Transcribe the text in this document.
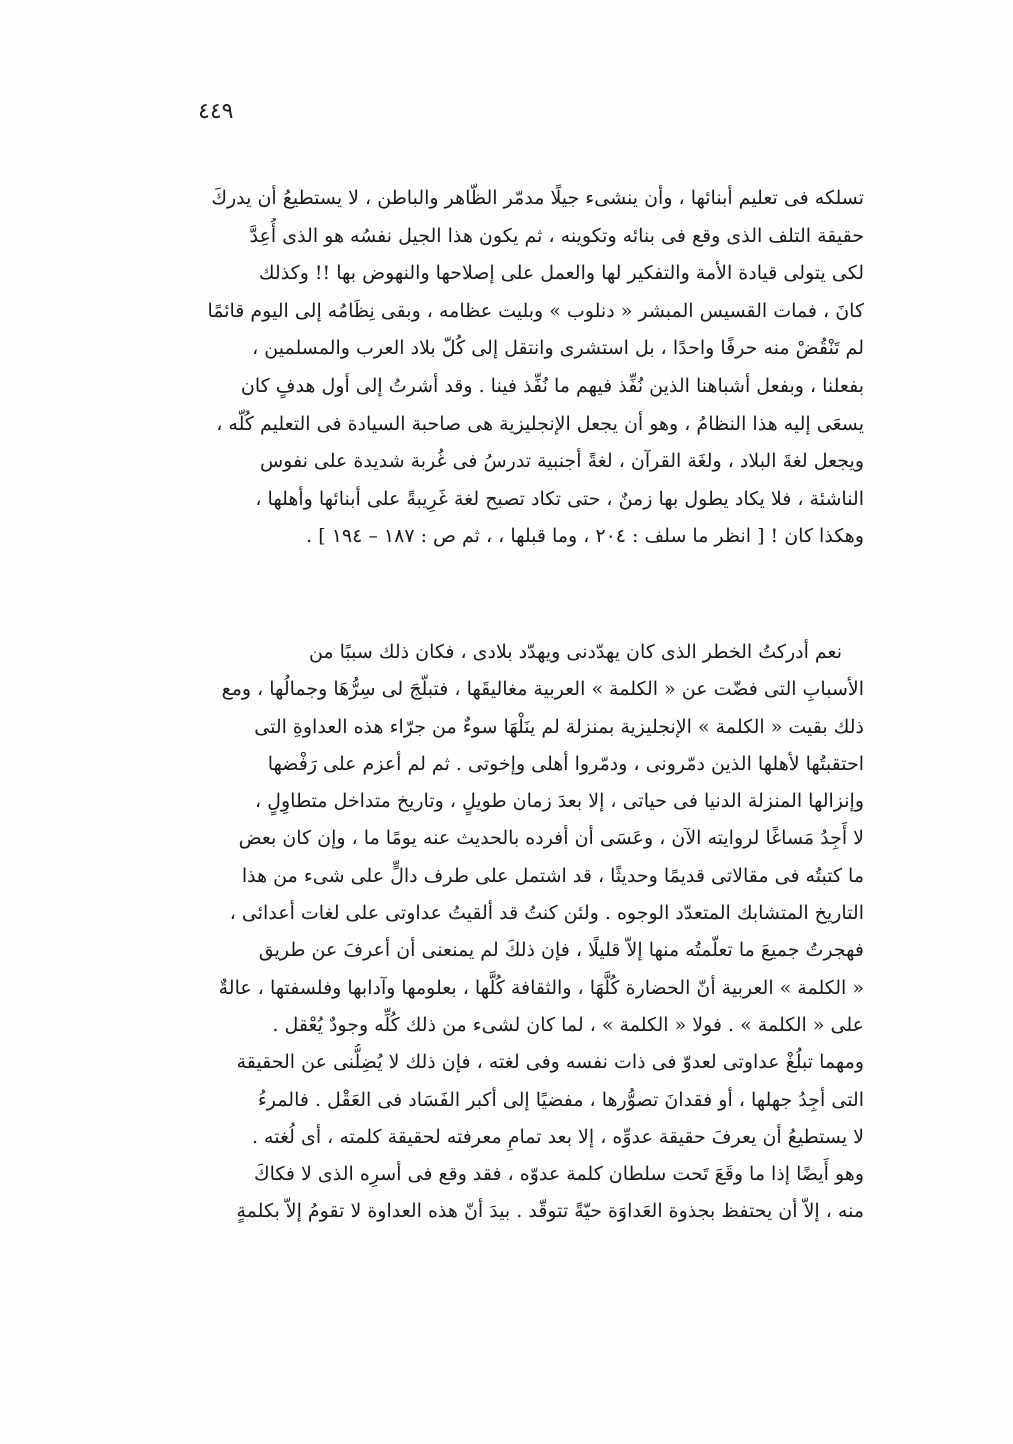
٤٤٩
تسلكه فى تعليم أبنائها ، وأن ينشىء جيلًا مدمّر الظّاهر والباطن ، لا يستطيعُ أن يدركَ
حقيقة التلف الذى وقع فى بنائه وتكوينه ، ثم يكون هذا الجيل نفسُه هو الذى أُعِدَّ
لكى يتولى قيادة الأمة والتفكير لها والعمل على إصلاحها والنهوض بها !! وكذلك
كانَ ، فمات القسيس المبشر « دنلوب » وبليت عظامه ، وبقى نِظَامُه إلى اليوم قائمًا
لم تَنْقُضْ منه حرفًا واحدًا ، بل استشرى وانتقل إلى كُلّ بلاد العرب والمسلمين ،
بفعلنا ، وبفعل أشباهنا الذين نُفِّذ فيهم ما نُفِّذ فينا . وقد أشرتُ إلى أول هدفٍ كان
يسعَى إليه هذا النظامُ ، وهو أن يجعل الإنجليزية هى صاحبة السيادة فى التعليم كُلّه ،
ويجعل لغةَ البلاد ، ولغَة القرآن ، لغةً أجنبية تدرسُ فى غُربة شديدة على نفوس
الناشئة ، فلا يكاد يطول بها زمنٌ ، حتى تكاد تصبح لغة غَرِيبةً على أبنائها وأهلها ،
وهكذا كان ! [ انظر ما سلف : ٢٠٤ ، وما قبلها ، ، ثم ص : ١٨٧ – ١٩٤ ] .
نعم أدركتُ الخطر الذى كان يهدّدنى ويهدّد بلادى ، فكان ذلك سببًا من
الأسبابِ التى فضّت عن « الكلمة » العربية مغاليقَها ، فتبلّجَ لى سِرُّهَا وجمالُها ، ومع
ذلك بقيت « الكلمة » الإنجليزية بمنزلة لم ينَلْهَا سوءٌ من جرّاء هذه العداوةِ التى
احتقبتُها لأهلها الذين دمّرونى ، ودمّروا أهلى وإخوتى . ثم لم أعزم على رَفْضها
وإنزالها المنزلة الدنيا فى حياتى ، إلا بعدَ زمان طويلٍ ، وتاريخ متداخل متطاوِلٍ ،
لا أَجِدُ مَساغًا لروايته الآن ، وعَسَى أن أفرده بالحديث عنه يومًا ما ، وإن كان بعض
ما كتبتُه فى مقالاتى قديمًا وحديثًا ، قد اشتمل على طرف دالٍّ على شىء من هذا
التاريخ المتشابك المتعدّد الوجوه . ولئن كنتُ قد ألقيتُ عداوتى على لغات أعدائى ،
فهجرتُ جميعَ ما تعلّمتُه منها إلاّ قليلًا ، فإن ذلكَ لم يمنعنى أن أعرفَ عن طريق
« الكلمة » العربية أنّ الحضارة كُلَّهَا ، والثقافة كُلَّها ، بعلومها وآدابها وفلسفتها ، عالةٌ
على « الكلمة » . فولا « الكلمة » ، لما كان لشىء من ذلك كُلِّه وجودٌ يُعْقل .
ومهما تبلُغْ عداوتى لعدوّ فى ذات نفسه وفى لغته ، فإن ذلك لا يُضِلُّنى عن الحقيقة
التى أجِدُ جهلها ، أو فقدانَ تصوُّرها ، مفضيًا إلى أكبر الفَسَاد فى العَقْل . فالمرءُ
لا يستطيعُ أن يعرفَ حقيقة عدوِّه ، إلا بعد تمامِ معرفته لحقيقة كلمته ، أى لُغته .
وهو أَيضًا إذا ما وقَعَ تَحت سلطان كلمة عدوّه ، فقد وقع فى أسرِه الذى لا فكاكَ
منه ، إلاّ أن يحتفظ بجذوة العَداوَة حيّةً تتوقّد . بيدَ أنّ هذه العداوة لا تقومُ إلاّ بكلمةٍ
